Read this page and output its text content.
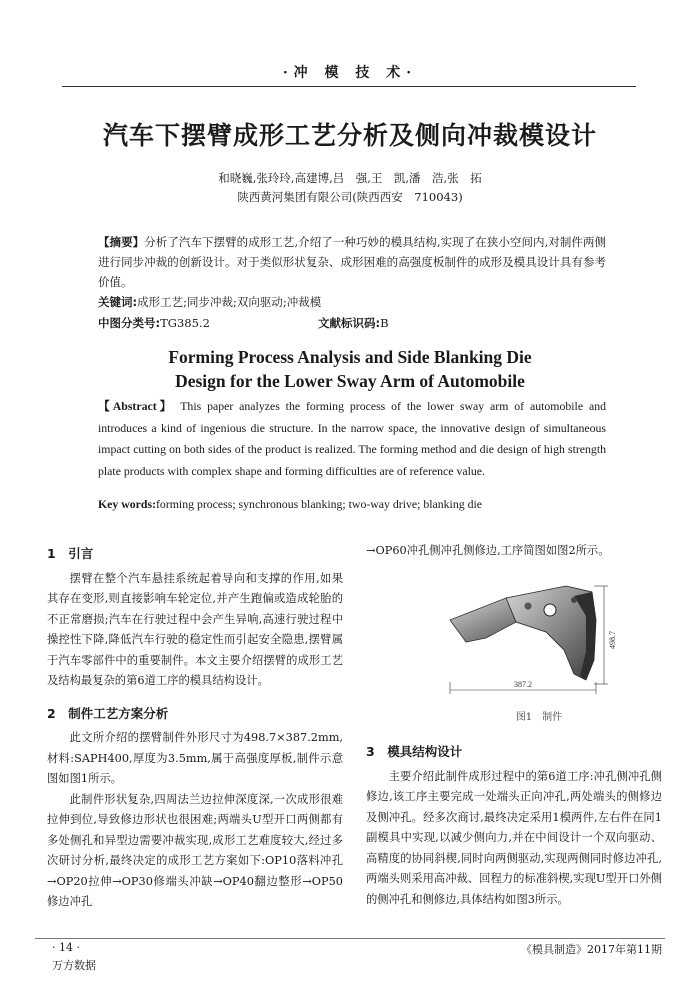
·冲 模 技 术·
汽车下摆臂成形工艺分析及侧向冲裁模设计
和晓巍,张玲玲,高建博,吕　强,王　凯,潘　浩,张　拓
陕西黄河集团有限公司(陕西西安　710043)
【摘要】分析了汽车下摆臂的成形工艺,介绍了一种巧妙的模具结构,实现了在狭小空间内,对制件两侧进行同步冲裁的创新设计。对于类似形状复杂、成形困难的高强度板制件的成形及模具设计具有参考价值。
关键词:成形工艺;同步冲裁;双向驱动;冲裁模
中图分类号:TG385.2	文献标识码:B
Forming Process Analysis and Side Blanking Die
Design for the Lower Sway Arm of Automobile
【Abstract】 This paper analyzes the forming process of the lower sway arm of automobile and introduces a kind of ingenious die structure. In the narrow space, the innovative design of simultaneous impact cutting on both sides of the product is realized. The forming method and die design of high strength plate products with complex shape and forming difficulties are of reference value.
Key words:forming process; synchronous blanking; two-way drive; blanking die
1　引言

摆臂在整个汽车悬挂系统起着导向和支撑的作用,如果其存在变形,则直接影响车轮定位,并产生跑偏或造成轮胎的不正常磨损;汽车在行驶过程中会产生异响,高速行驶过程中操控性下降,降低汽车行驶的稳定性而引起安全隐患,摆臂属于汽车零部件中的重要制件。本文主要介绍摆臂的成形工艺及结构最复杂的第6道工序的模具结构设计。

2　制件工艺方案分析

此文所介绍的摆臂制件外形尺寸为498.7×387.2mm,材料:SAPH400,厚度为3.5mm,属于高强度厚板,制件示意图如图1所示。

此制件形状复杂,四周法兰边拉伸深度深,一次成形很难拉伸到位,导致修边形状也很困难;两端头U型开口两侧都有多处侧孔和异型边需要冲裁实现,成形工艺难度较大,经过多次研讨分析,最终决定的成形工艺方案如下:OP10落料冲孔→OP20拉伸→OP30修端头冲缺→OP40翻边整形→OP50修边冲孔

→OP60冲孔侧冲孔侧修边,工序简图如图2所示。

498.7
387.2
图1　制件
3　模具结构设计

主要介绍此制件成形过程中的第6道工序:冲孔侧冲孔侧修边,该工序主要完成一处端头正向冲孔,两处端头的侧修边及侧冲孔。经多次商讨,最终决定采用1模两件,左右件在同1副模具中实现,以减少侧向力,并在中间设计一个双向驱动、高精度的协同斜楔,同时向两侧驱动,实现两侧同时修边冲孔,两端头则采用高冲裁、回程力的标准斜楔,实现U型开口外侧的侧冲孔和侧修边,具体结构如图3所示。

· 14 ·
万方数据
《模具制造》2017年第11期
